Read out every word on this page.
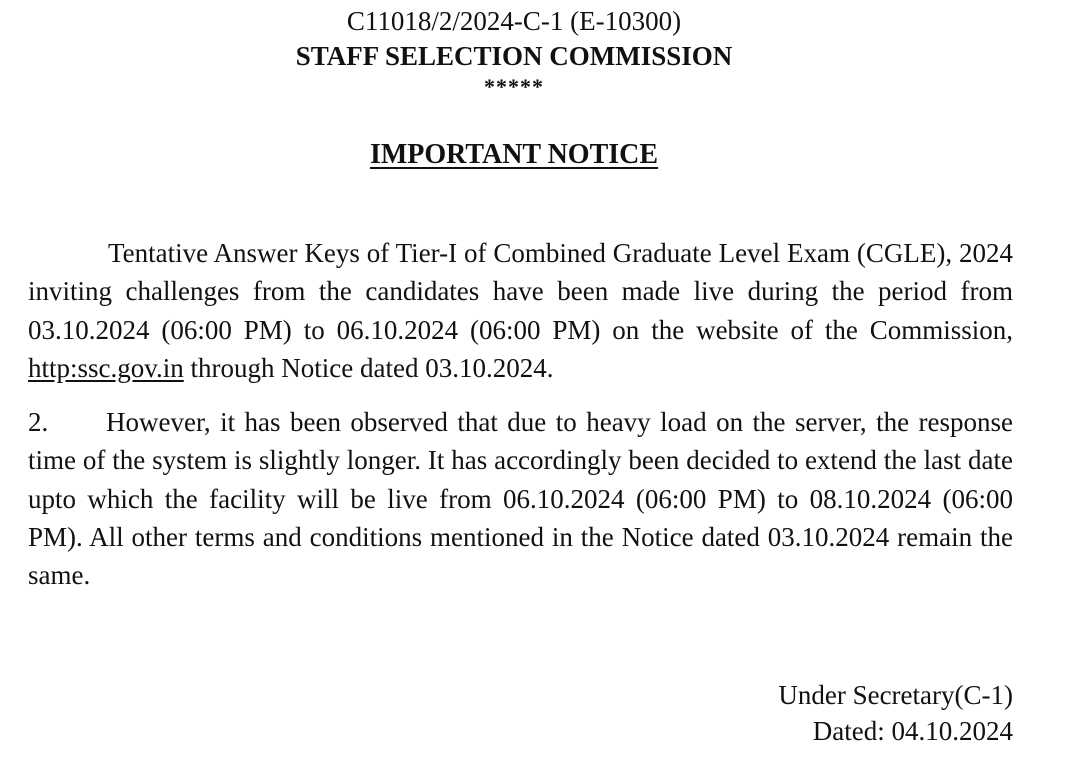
C11018/2/2024-C-1 (E-10300)
STAFF SELECTION COMMISSION
*****
IMPORTANT NOTICE

Tentative Answer Keys of Tier-I of Combined Graduate Level Exam (CGLE), 2024 inviting challenges from the candidates have been made live during the period from 03.10.2024 (06:00 PM) to 06.10.2024 (06:00 PM) on the website of the Commission, http:ssc.gov.in through Notice dated 03.10.2024.

2. However, it has been observed that due to heavy load on the server, the response time of the system is slightly longer. It has accordingly been decided to extend the last date upto which the facility will be live from 06.10.2024 (06:00 PM) to 08.10.2024 (06:00 PM). All other terms and conditions mentioned in the Notice dated 03.10.2024 remain the same.

Under Secretary(C-1)
Dated: 04.10.2024
